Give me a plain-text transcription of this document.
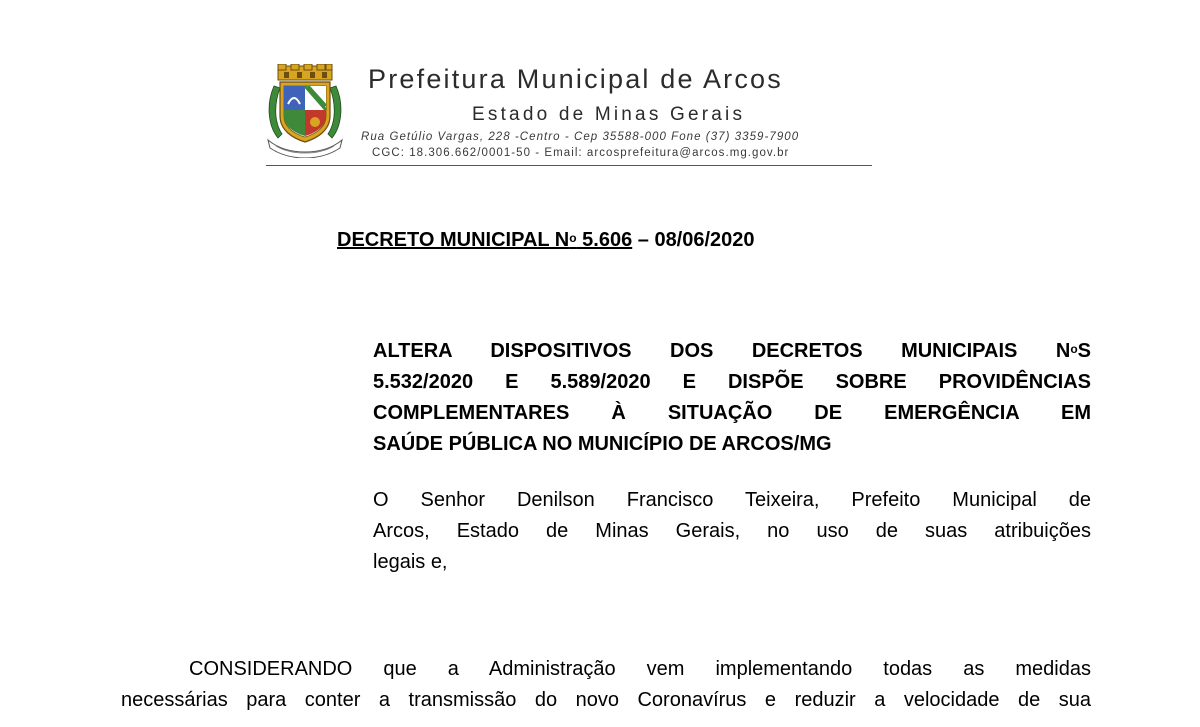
Prefeitura Municipal de Arcos
Estado de Minas Gerais
Rua Getúlio Vargas, 228 -Centro - Cep 35588-000 Fone (37) 3359-7900
CGC: 18.306.662/0001-50 - Email: arcosprefeitura@arcos.mg.gov.br
DECRETO MUNICIPAL $N^o$ 5.606 – 08/06/2020
ALTERA DISPOSITIVOS DOS DECRETOS MUNICIPAIS $N^oS$
5.532/2020 E 5.589/2020 E DISPÕE SOBRE PROVIDÊNCIAS
COMPLEMENTARES À SITUAÇÃO DE EMERGÊNCIA EM
SAÚDE PÚBLICA NO MUNICÍPIO DE ARCOS/MG
O Senhor Denilson Francisco Teixeira, Prefeito Municipal de
Arcos, Estado de Minas Gerais, no uso de suas atribuições
legais e,
CONSIDERANDO que a Administração vem implementando todas as medidas
necessárias para conter a transmissão do novo Coronavírus e reduzir a velocidade de sua
